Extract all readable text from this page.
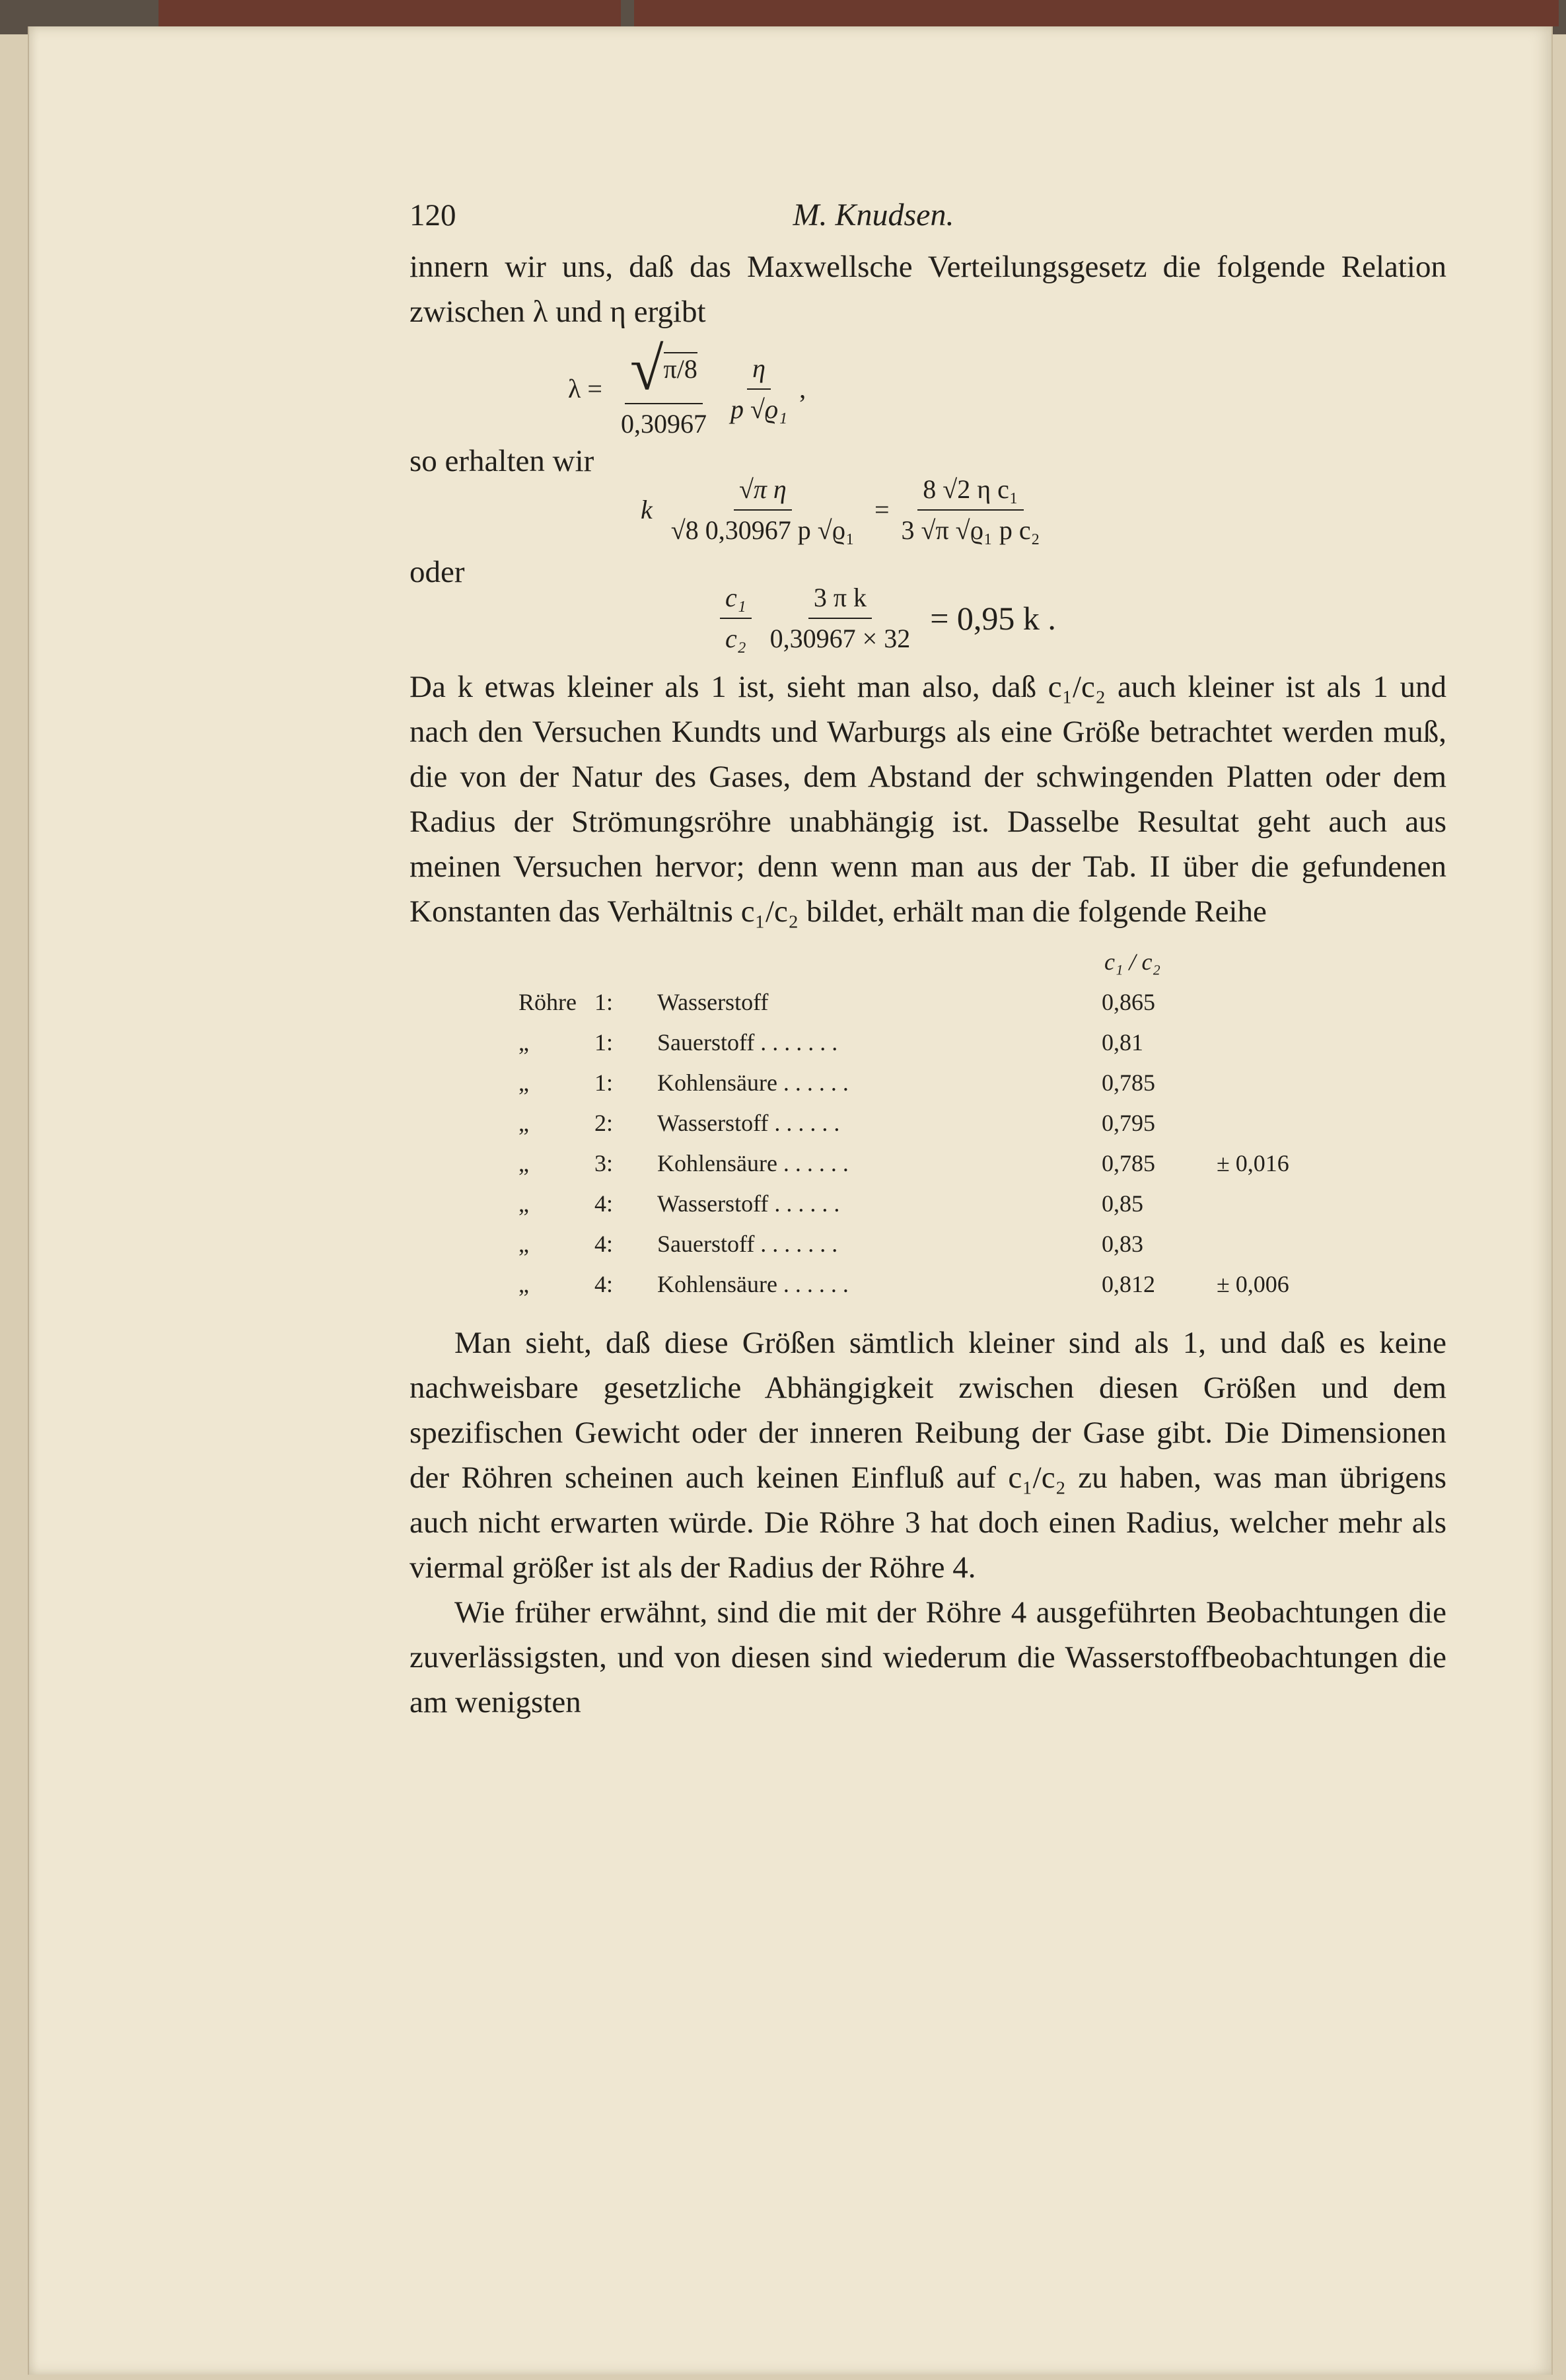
120	M. Knudsen.

innern wir uns, daß das Maxwellsche Verteilungsgesetz die folgende Relation zwischen λ und η ergibt

$\lambda = \frac{√\pi/8}{0,30967} \frac{\eta}{\text{p √ϱ₁}}$ ,

so erhalten wir

k $\frac{\text{√π η}}{\text{√8 0,30967 p √ϱ₁}} = \frac{\text{8 √2 η c₁}}{\text{3 √π √ϱ₁ p c₂}}$

oder

$\frac{\text{c₁}}{\text{c₂}} \frac{\text{3 π k}}{0,30967 \times 32} = 0,95$ k .

Da k etwas kleiner als 1 ist, sieht man also, daß c₁/c₂ auch kleiner ist als 1 und nach den Versuchen Kundts und Warburgs als eine Größe betrachtet werden muß, die von der Natur des Gases, dem Abstand der schwingenden Platten oder dem Radius der Strömungsröhre unabhängig ist. Dasselbe Resultat geht auch aus meinen Versuchen hervor; denn wenn man aus der Tab. II über die gefundenen Konstanten das Verhältnis c₁/c₂ bildet, erhält man die folgende Reihe

c₁ / c₂
Röhre 1: Wasserstoff	0,865
„	1: Sauerstoff . . . . . . .	0,81
„	1: Kohlensäure . . . . . .	0,785
„	2: Wasserstoff . . . . . .	0,795
„	3: Kohlensäure . . . . . .	0,785	± 0,016
„	4: Wasserstoff . . . . . .	0,85
„	4: Sauerstoff . . . . . . .	0,83
„	4: Kohlensäure . . . . . .	0,812	± 0,006

Man sieht, daß diese Größen sämtlich kleiner sind als 1, und daß es keine nachweisbare gesetzliche Abhängigkeit zwischen diesen Größen und dem spezifischen Gewicht oder der inneren Reibung der Gase gibt. Die Dimensionen der Röhren scheinen auch keinen Einfluß auf c₁/c₂ zu haben, was man übrigens auch nicht erwarten würde. Die Röhre 3 hat doch einen Radius, welcher mehr als viermal größer ist als der Radius der Röhre 4.

Wie früher erwähnt, sind die mit der Röhre 4 ausgeführten Beobachtungen die zuverlässigsten, und von diesen sind wiederum die Wasserstoffbeobachtungen die am wenigsten
